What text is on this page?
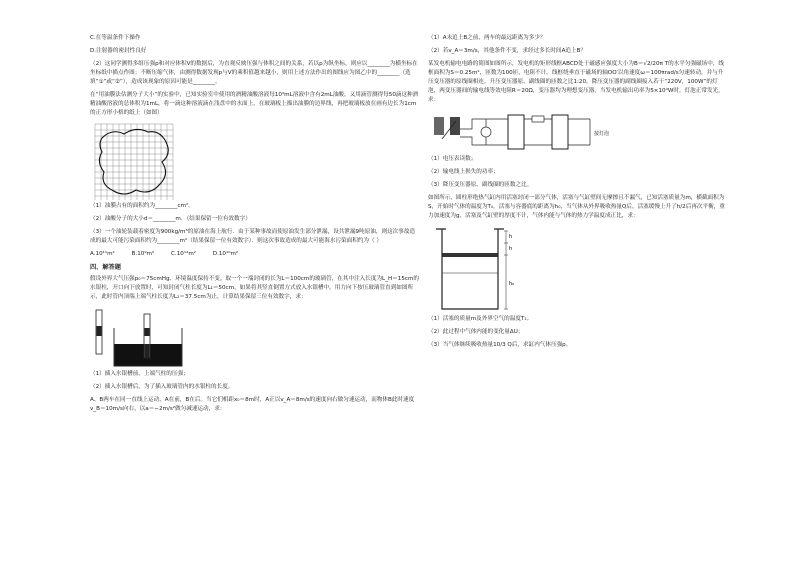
C.在等温条件下操作

D.注射器的密封性良好

（2）这同学测得多组压强p和对应体积V的数据后，为直观反映压强与体积之间的关系，若以p为纵坐标，则应以________为横坐标在坐标纸中描点作图；不断压缩气体，由测得数据发现p与V的乘积值越来越小，则用上述方法作出的图线应为图乙中的________（选填“①”或“②”），造成该现象的原因可能是________。

在“用油膜法估测分子大小”的实验中，已知实验室中使用的酒精油酸溶液每10⁴mL溶液中含有2mL油酸，又用滴管测得每50滴这种酒精油酸溶液的总体积为1mL，将一滴这种溶液滴在浅盘中的水面上，在玻璃板上描出油膜的边界线，再把玻璃板放在画有边长为1cm的正方形小格的纸上（如图）

（1）油膜占有的面积约为________cm²。

（2）油酸分子的大小d＝________m．（结果保留一位有效数字）

（3）一个油轮装载着密度为900kg/m³的原油在海上航行．由于某种事故而使原油发生部分泄漏，设共泄漏9吨原油，则这次事故造成的最大可能污染面积约为________m²（结果保留一位有效数字）．则这次事故造成的最大可能海水污染面积约为（ ）

A.10¹¹m²　　　B.10⁹m²　　　C.10¹⁴m²　　　D.10¹⁰m²

四、解答题

假设外界大气压强p₀＝75cmHg、环境温度保持不变。取一个一端封闭的长为L＝100cm的玻璃管，在其中注入长度为L_H＝15cm的水银柱，开口向下放置时，可知封闭气柱长度为L₁＝50cm，如果将其竖直倒置方式放入水银槽中，用力向下按压玻璃管直到如图所示，此时管内顶端上端气柱长度为L₂＝37.5cm为止，计算结果保留三位有效数字，求：

（1）插入水银槽前，上端气柱的压强；

（2）插入水银槽后，为了插入玻璃管内的水银柱的长度。

A、B两车在同一直线上运动，A在前，B在后。当它们相距x₀＝8m时，A正以v_A＝8m/s的速度向右做匀速运动，而物体B此时速度v_B＝10m/s向右，以a＝−2m/s²做匀减速运动，求：

（1）A未追上B之前，两车的最远距离为多少？

（2）若v_A＝3m/s，其他条件不变，求经过多长时间A追上B？

某发电机输电电路的简图如图所示，发电机的矩形线框ABCD处于磁感应强度大小为B＝√2/20π T的水平匀强磁场中，线框面积为S＝0.25m²，匝数为100匝，电阻不计。线框绕垂直于磁场的轴OO′以角速度ω＝100πrad/s匀速转动，并与升压变压器的原线圈相连，升压变压器原、副线圈的匝数之比1:20，降压变压器的副线圈接入若干“220V，100W”的灯泡，两变压器间的输电线等效电阻R＝20Ω，变压器均为理想变压器，当发电机输出功率为5×10⁴W时，灯泡正常发光，求：

接灯泡

（1）电压表读数；

（2）输电线上损失的功率；

（3）降压变压器原、副线圈的匝数之比。

如图所示，圆柱形绝热气缸内用活塞封闭一部分气体，活塞与气缸壁间无摩擦且不漏气，已知活塞质量为m，横截面积为S，开始时气体的温度为T₀，活塞与容器底的距离为h₀，当气体从外界吸收热量Q后，活塞缓慢上升了h/2后再次平衡，重力加速度为g，活塞及气缸壁的厚度不计，气体内能与气体的热力学温度成正比，求：

h
h
h₀

（1）活塞的质量m及外界空气的温度T₁；

（2）此过程中气体内能的变化量ΔU；

（3）当气体继续吸收热量10/3 Q后，求缸内气体压强p。
